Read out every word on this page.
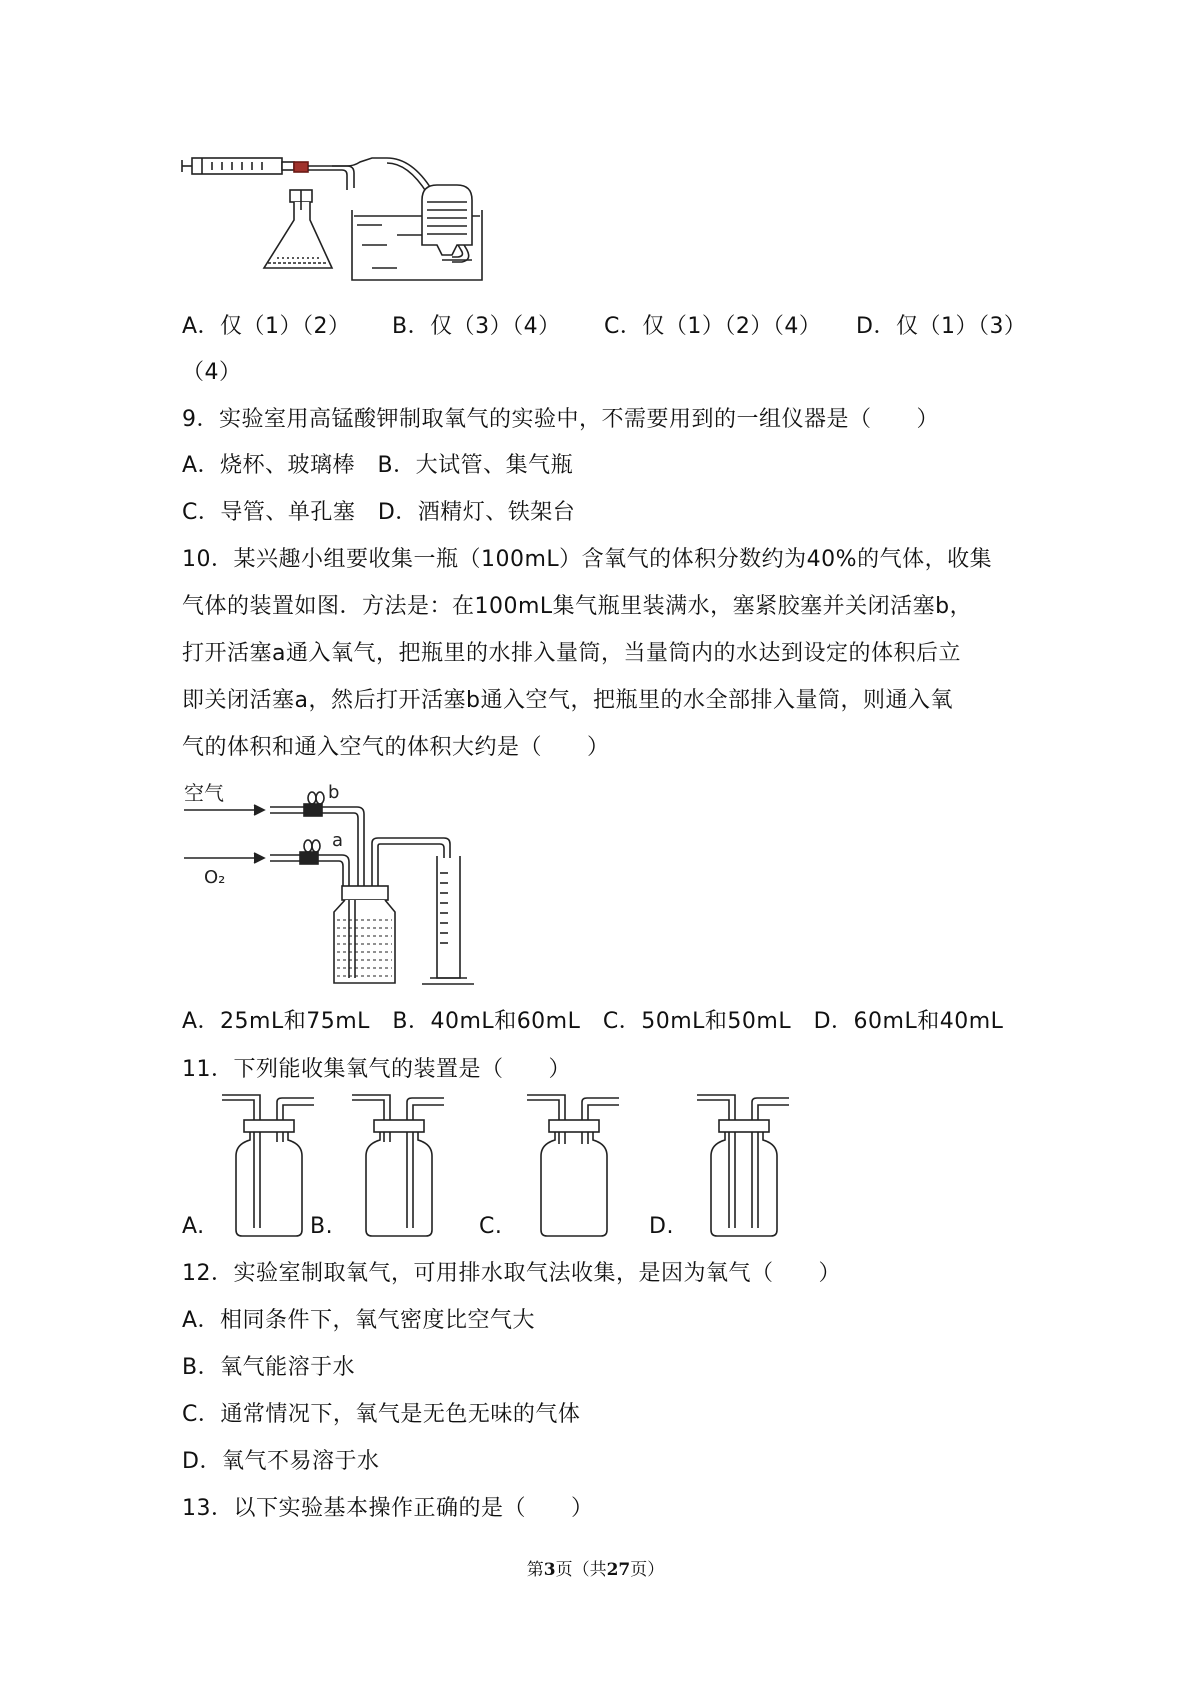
A．仅（1）（2） B．仅（3）（4） C．仅（1）（2）（4） D．仅（1）（3）
（4）
9．实验室用高锰酸钾制取氧气的实验中，不需要用到的一组仪器是（　　）
A．烧杯、玻璃棒　B．大试管、集气瓶
C．导管、单孔塞　D．酒精灯、铁架台
10．某兴趣小组要收集一瓶（100mL）含氧气的体积分数约为40%的气体，收集
气体的装置如图．方法是：在100mL集气瓶里装满水，塞紧胶塞并关闭活塞b，
打开活塞a通入氧气，把瓶里的水排入量筒，当量筒内的水达到设定的体积后立
即关闭活塞a，然后打开活塞b通入空气，把瓶里的水全部排入量筒，则通入氧
气的体积和通入空气的体积大约是（　　）
空气
O₂
b
a
A．25mL和75mL　B．40mL和60mL　C．50mL和50mL　D．60mL和40mL
11．下列能收集氧气的装置是（　　）
A.	B.	C.	D.
12．实验室制取氧气，可用排水取气法收集，是因为氧气（　　）
A．相同条件下，氧气密度比空气大
B．氧气能溶于水
C．通常情况下，氧气是无色无味的气体
D．氧气不易溶于水
13．以下实验基本操作正确的是（　　）
第3页（共27页）
